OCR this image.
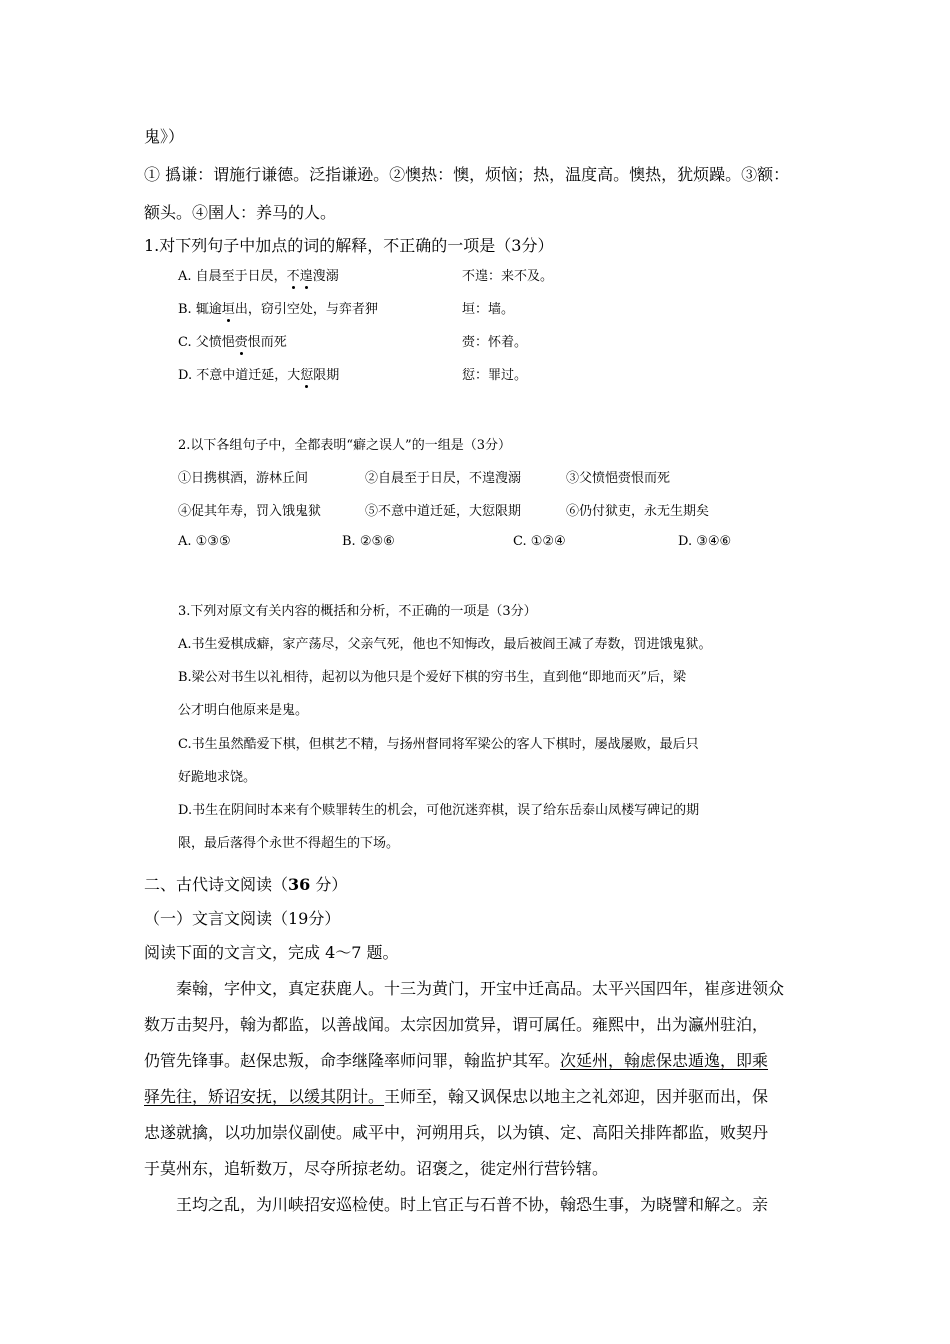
鬼》）
① 撝谦：谓施行谦德。泛指谦逊。②懊热：懊，烦恼；热，温度高。懊热，犹烦躁。③额：
额头。④圉人：养马的人。
1.对下列句子中加点的词的解释，不正确的一项是（3分）
A. 自晨至于日昃，不遑溲溺	不遑：来不及。
B. 辄逾垣出，窃引空处，与弈者狎	垣：墙。
C. 父愤悒赍恨而死	赍：怀着。
D. 不意中道迁延，大愆限期	愆：罪过。
2.以下各组句子中，全都表明“癖之误人”的一组是（3分）
①日携棋酒，游林丘间	②自晨至于日昃，不遑溲溺	③父愤悒赍恨而死
④促其年寿，罚入饿鬼狱	⑤不意中道迁延，大愆限期	⑥仍付狱吏，永无生期矣
A. ①③⑤	B. ②⑤⑥	C. ①②④	D. ③④⑥
3.下列对原文有关内容的概括和分析，不正确的一项是（3分）
A.书生爱棋成癖，家产荡尽，父亲气死，他也不知悔改，最后被阎王减了寿数，罚进饿鬼狱。
B.梁公对书生以礼相待，起初以为他只是个爱好下棋的穷书生，直到他“即地而灭”后，梁
公才明白他原来是鬼。
C.书生虽然酷爱下棋，但棋艺不精，与扬州督同将军梁公的客人下棋时，屡战屡败，最后只
好跪地求饶。
D.书生在阴间时本来有个赎罪转生的机会，可他沉迷弈棋，误了给东岳泰山凤楼写碑记的期
限，最后落得个永世不得超生的下场。
二、古代诗文阅读（36 分）
（一）文言文阅读（19分）
阅读下面的文言文，完成 4～7 题。
秦翰，字仲文，真定获鹿人。十三为黄门，开宝中迁高品。太平兴国四年，崔彦进领众
数万击契丹，翰为都监，以善战闻。太宗因加赏异，谓可属任。雍熙中，出为瀛州驻泊，
仍管先锋事。赵保忠叛，命李继隆率师问罪，翰监护其军。次延州，翰虑保忠遁逸，即乘
驿先往，矫诏安抚，以缓其阴计。王师至，翰又讽保忠以地主之礼郊迎，因并驱而出，保
忠遂就擒，以功加崇仪副使。咸平中，河朔用兵，以为镇、定、高阳关排阵都监，败契丹
于莫州东，追斩数万，尽夺所掠老幼。诏褒之，徙定州行营钤辖。
王均之乱，为川峡招安巡检使。时上官正与石普不协，翰恐生事，为晓譬和解之。亲
